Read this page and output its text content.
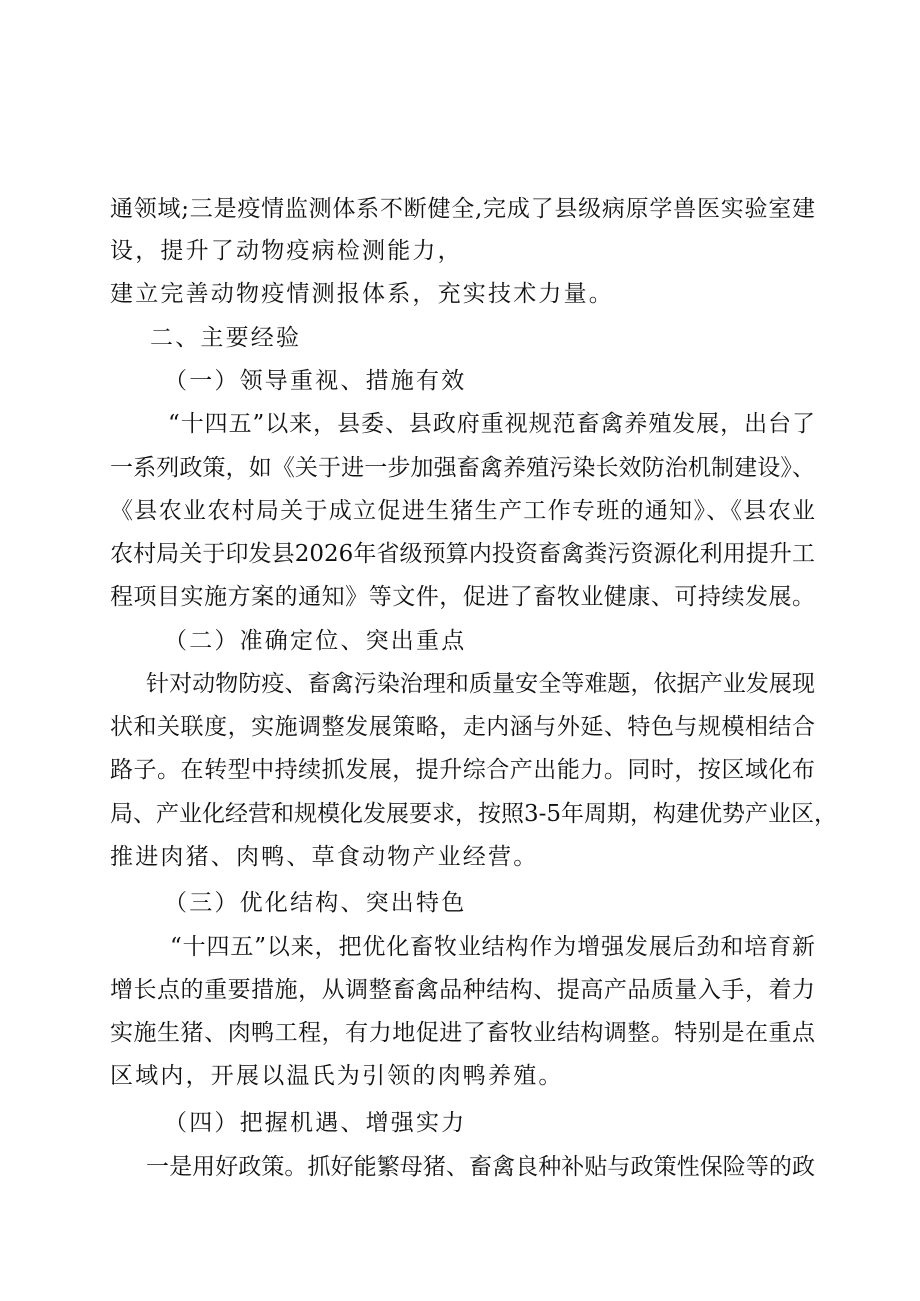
通领域;三是疫情监测体系不断健全,完成了县级病原学兽医实验室建

设，提升了动物疫病检测能力，

建立完善动物疫情测报体系，充实技术力量。

二、主要经验

（一）领导重视、措施有效

“十四五”以来，县委、县政府重视规范畜禽养殖发展，出台了

一系列政策，如《关于进一步加强畜禽养殖污染长效防治机制建设》、

《县农业农村局关于成立促进生猪生产工作专班的通知》、《县农业

农村局关于印发县2026年省级预算内投资畜禽粪污资源化利用提升工

程项目实施方案的通知》等文件，促进了畜牧业健康、可持续发展。

（二）准确定位、突出重点

针对动物防疫、畜禽污染治理和质量安全等难题，依据产业发展现

状和关联度，实施调整发展策略，走内涵与外延、特色与规模相结合

路子。在转型中持续抓发展，提升综合产出能力。同时，按区域化布

局、产业化经营和规模化发展要求，按照3-5年周期，构建优势产业区，

推进肉猪、肉鸭、草食动物产业经营。

（三）优化结构、突出特色

“十四五”以来，把优化畜牧业结构作为增强发展后劲和培育新

增长点的重要措施，从调整畜禽品种结构、提高产品质量入手，着力

实施生猪、肉鸭工程，有力地促进了畜牧业结构调整。特别是在重点

区域内，开展以温氏为引领的肉鸭养殖。

（四）把握机遇、增强实力

一是用好政策。抓好能繁母猪、畜禽良种补贴与政策性保险等的政
